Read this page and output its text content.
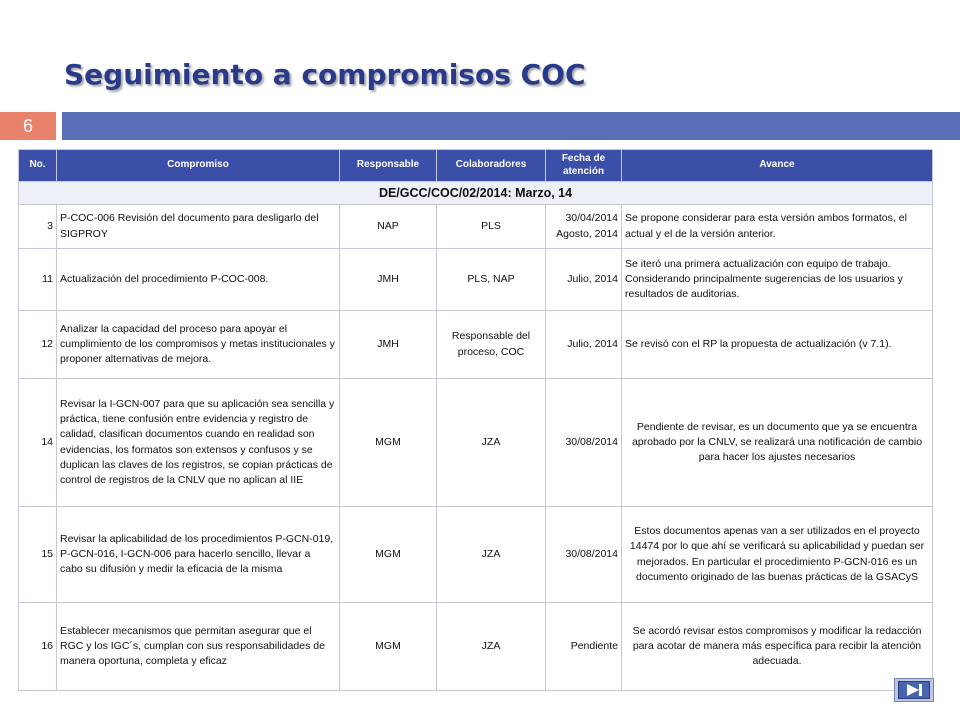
Seguimiento a compromisos COC
6
No.	Compromiso	Responsable	Colaboradores	Fecha de atención	Avance
DE/GCC/COC/02/2014: Marzo, 14					
3	P-COC-006 Revisión del documento para desligarlo del SIGPROY	NAP	PLS	30/04/2014 Agosto, 2014	Se propone considerar para esta versión ambos formatos, el actual y el de la versión anterior.
11	Actualización del procedimiento P-COC-008.	JMH	PLS, NAP	Julio, 2014	Se iteró una primera actualización con equipo de trabajo. Considerando principalmente sugerencias de los usuarios y resultados de auditorias.
12	Analizar la capacidad del proceso para apoyar el cumplimiento de los compromisos y metas institucionales y proponer alternativas de mejora.	JMH	Responsable del proceso, COC	Julio, 2014	Se revisó con el RP la propuesta de actualización (v 7.1).
14	Revisar la I-GCN-007 para que su aplicación sea sencilla y práctica, tiene confusión entre evidencia y registro de calidad, clasifican documentos cuando en realidad son evidencias, los formatos son extensos y confusos y se duplican las claves de los registros, se copian prácticas de control de registros de la CNLV que no aplican al IIE	MGM	JZA	30/08/2014	Pendiente de revisar, es un documento que ya se encuentra aprobado por la CNLV, se realizará una notificación de cambio para hacer los ajustes necesarios
15	Revisar la aplicabilidad de los procedimientos P-GCN-019, P-GCN-016, I-GCN-006 para hacerlo sencillo, llevar a cabo su difusión y medir la eficacia de la misma	MGM	JZA	30/08/2014	Estos documentos apenas van a ser utilizados en el proyecto 14474 por lo que ahí se verificará su aplicabilidad y puedan ser mejorados. En particular el procedimiento P-GCN-016 es un documento originado de las buenas prácticas de la GSACyS
16	Establecer mecanismos que permitan asegurar que el RGC y los IGC´s, cumplan con sus responsabilidades de manera oportuna, completa y eficaz	MGM	JZA	Pendiente	Se acordó revisar estos compromisos y modificar la redacción para acotar de manera más específica para recibir la atención adecuada.
